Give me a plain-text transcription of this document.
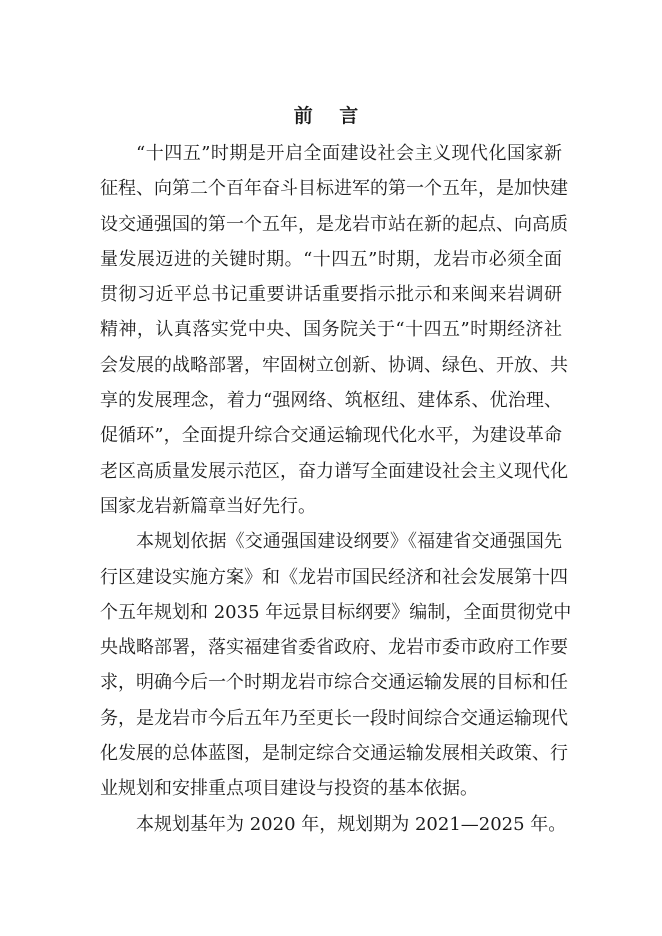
前 言

“十四五”时期是开启全面建设社会主义现代化国家新
征程、向第二个百年奋斗目标进军的第一个五年，是加快建
设交通强国的第一个五年，是龙岩市站在新的起点、向高质
量发展迈进的关键时期。“十四五”时期，龙岩市必须全面
贯彻习近平总书记重要讲话重要指示批示和来闽来岩调研
精神，认真落实党中央、国务院关于“十四五”时期经济社
会发展的战略部署，牢固树立创新、协调、绿色、开放、共
享的发展理念，着力“强网络、筑枢纽、建体系、优治理、
促循环”，全面提升综合交通运输现代化水平，为建设革命
老区高质量发展示范区，奋力谱写全面建设社会主义现代化
国家龙岩新篇章当好先行。

本规划依据《交通强国建设纲要》《福建省交通强国先
行区建设实施方案》和《龙岩市国民经济和社会发展第十四
个五年规划和 2035 年远景目标纲要》编制，全面贯彻党中
央战略部署，落实福建省委省政府、龙岩市委市政府工作要
求，明确今后一个时期龙岩市综合交通运输发展的目标和任
务，是龙岩市今后五年乃至更长一段时间综合交通运输现代
化发展的总体蓝图，是制定综合交通运输发展相关政策、行
业规划和安排重点项目建设与投资的基本依据。

本规划基年为 2020 年，规划期为 2021—2025 年。
